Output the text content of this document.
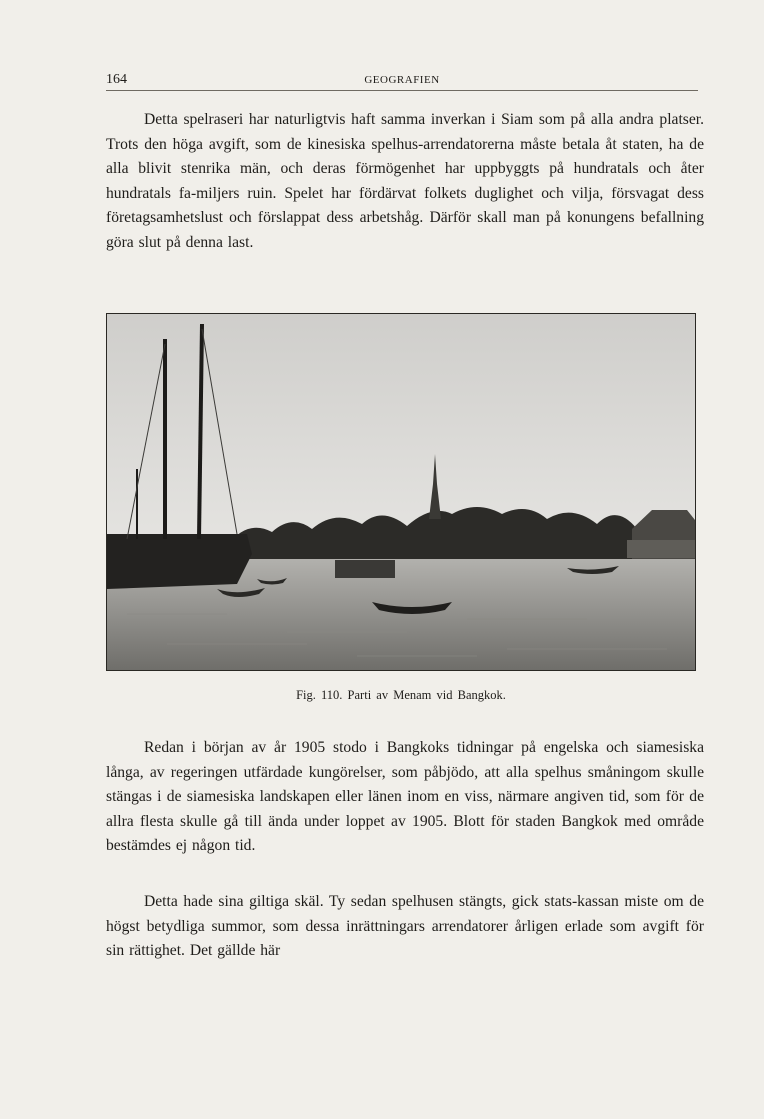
164	GEOGRAFIEN

Detta spelraseri har naturligtvis haft samma inverkan i Siam som på alla andra platser. Trots den höga avgift, som de kinesiska spelhus-arrendatorerna måste betala åt staten, ha de alla blivit stenrika män, och deras förmögenhet har uppbyggts på hundratals och åter hundratals fa-miljers ruin. Spelet har fördärvat folkets duglighet och vilja, försvagat dess företagsamhetslust och förslappat dess arbetshåg. Därför skall man på konungens befallning göra slut på denna last.

Fig. 110. Parti av Menam vid Bangkok.

Redan i början av år 1905 stodo i Bangkoks tidningar på engelska och siamesiska långa, av regeringen utfärdade kungörelser, som påbjödo, att alla spelhus småningom skulle stängas i de siamesiska landskapen eller länen inom en viss, närmare angiven tid, som för de allra flesta skulle gå till ända under loppet av 1905. Blott för staden Bangkok med område bestämdes ej någon tid.

Detta hade sina giltiga skäl. Ty sedan spelhusen stängts, gick stats-kassan miste om de högst betydliga summor, som dessa inrättningars arrendatorer årligen erlade som avgift för sin rättighet. Det gällde här
